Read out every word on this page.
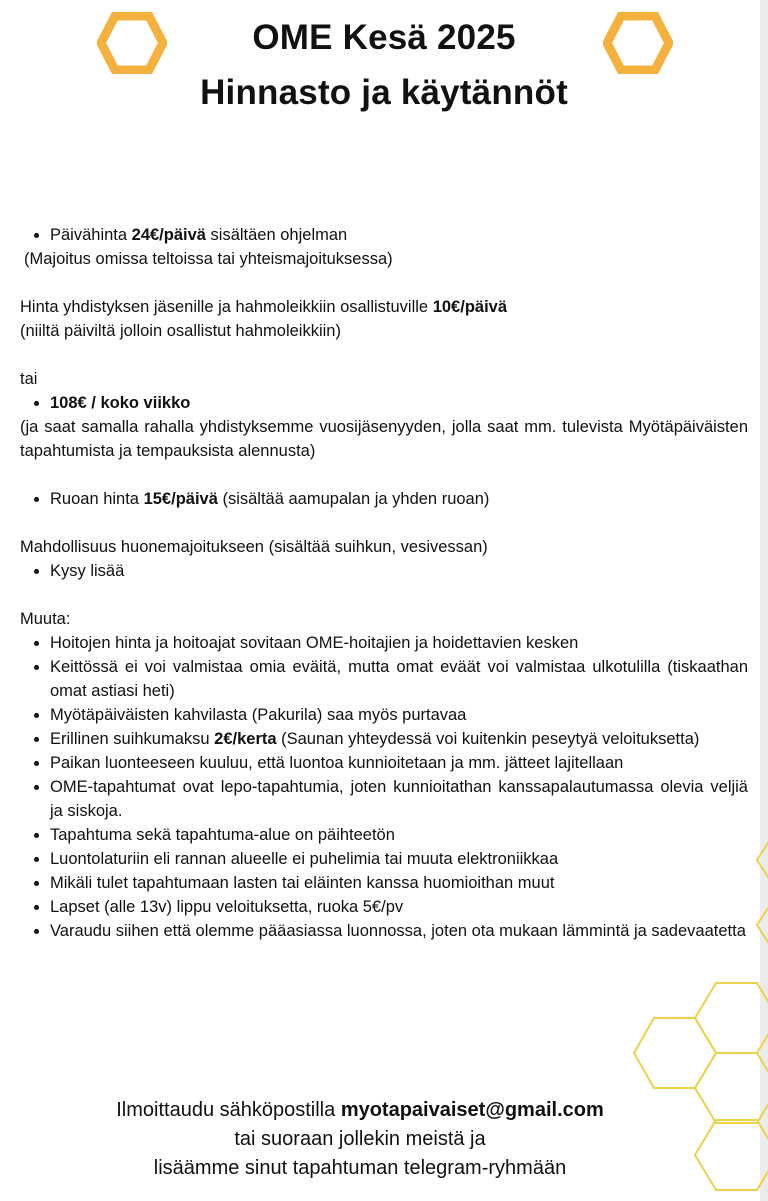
OME Kesä 2025
Hinnasto ja käytännöt
• Päivähinta 24€/päivä sisältäen ohjelman

(Majoitus omissa teltoissa tai yhteismajoituksessa)

Hinta yhdistyksen jäsenille ja hahmoleikkiin osallistuville 10€/päivä

(niiltä päiviltä jolloin osallistut hahmoleikkiin)

tai

• 108€ / koko viikko

(ja saat samalla rahalla yhdistyksemme vuosijäsenyyden, jolla saat mm. tulevista Myötäpäiväisten tapahtumista ja tempauksista alennusta)

• Ruoan hinta 15€/päivä (sisältää aamupalan ja yhden ruoan)

Mahdollisuus huonemajoitukseen (sisältää suihkun, vesivessan)

• Kysy lisää

Muuta:

• Hoitojen hinta ja hoitoajat sovitaan OME-hoitajien ja hoidettavien kesken
• Keittössä ei voi valmistaa omia eväitä, mutta omat eväät voi valmistaa ulkotulilla (tiskaathan omat astiasi heti)
• Myötäpäiväisten kahvilasta (Pakurila) saa myös purtavaa
• Erillinen suihkumaksu 2€/kerta (Saunan yhteydessä voi kuitenkin peseytyä veloituksetta)
• Paikan luonteeseen kuuluu, että luontoa kunnioitetaan ja mm. jätteet lajitellaan
• OME-tapahtumat ovat lepo-tapahtumia, joten kunnioitathan kanssapalautumassa olevia veljiä ja siskoja.
• Tapahtuma sekä tapahtuma-alue on päihteetön
• Luontolaturiin eli rannan alueelle ei puhelimia tai muuta elektroniikkaa
• Mikäli tulet tapahtumaan lasten tai eläinten kanssa huomioithan muut
• Lapset (alle 13v) lippu veloituksetta, ruoka 5€/pv
• Varaudu siihen että olemme pääasiassa luonnossa, joten ota mukaan lämmintä ja sadevaatetta
Ilmoittaudu sähköpostilla myotapaivaiset@gmail.com
tai suoraan jollekin meistä ja
lisäämme sinut tapahtuman telegram-ryhmään
